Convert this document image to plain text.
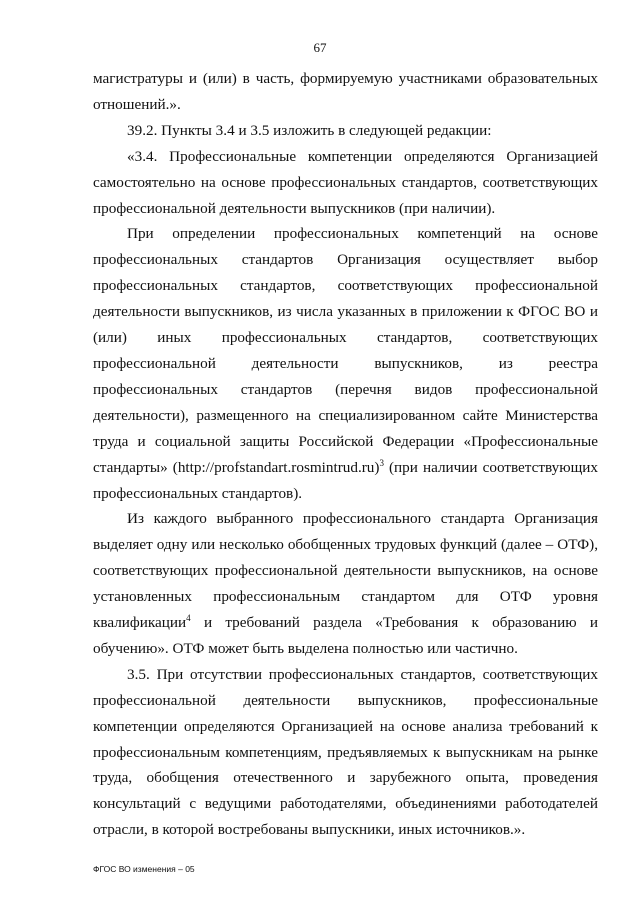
67

магистратуры и (или) в часть, формируемую участниками образовательных отношений.».

39.2. Пункты 3.4 и 3.5 изложить в следующей редакции:

«3.4. Профессиональные компетенции определяются Организацией самостоятельно на основе профессиональных стандартов, соответствующих профессиональной деятельности выпускников (при наличии).

При определении профессиональных компетенций на основе профессиональных стандартов Организация осуществляет выбор профессиональных стандартов, соответствующих профессиональной деятельности выпускников, из числа указанных в приложении к ФГОС ВО и (или) иных профессиональных стандартов, соответствующих профессиональной деятельности выпускников, из реестра профессиональных стандартов (перечня видов профессиональной деятельности), размещенного на специализированном сайте Министерства труда и социальной защиты Российской Федерации «Профессиональные стандарты» (http://profstandart.rosmintrud.ru)$^3$ (при наличии соответствующих профессиональных стандартов).

Из каждого выбранного профессионального стандарта Организация выделяет одну или несколько обобщенных трудовых функций (далее – ОТФ), соответствующих профессиональной деятельности выпускников, на основе установленных профессиональным стандартом для ОТФ уровня квалификации$^4$ и требований раздела «Требования к образованию и обучению». ОТФ может быть выделена полностью или частично.

3.5. При отсутствии профессиональных стандартов, соответствующих профессиональной деятельности выпускников, профессиональные компетенции определяются Организацией на основе анализа требований к профессиональным компетенциям, предъявляемых к выпускникам на рынке труда, обобщения отечественного и зарубежного опыта, проведения консультаций с ведущими работодателями, объединениями работодателей отрасли, в которой востребованы выпускники, иных источников.».

ФГОС ВО изменения – 05
